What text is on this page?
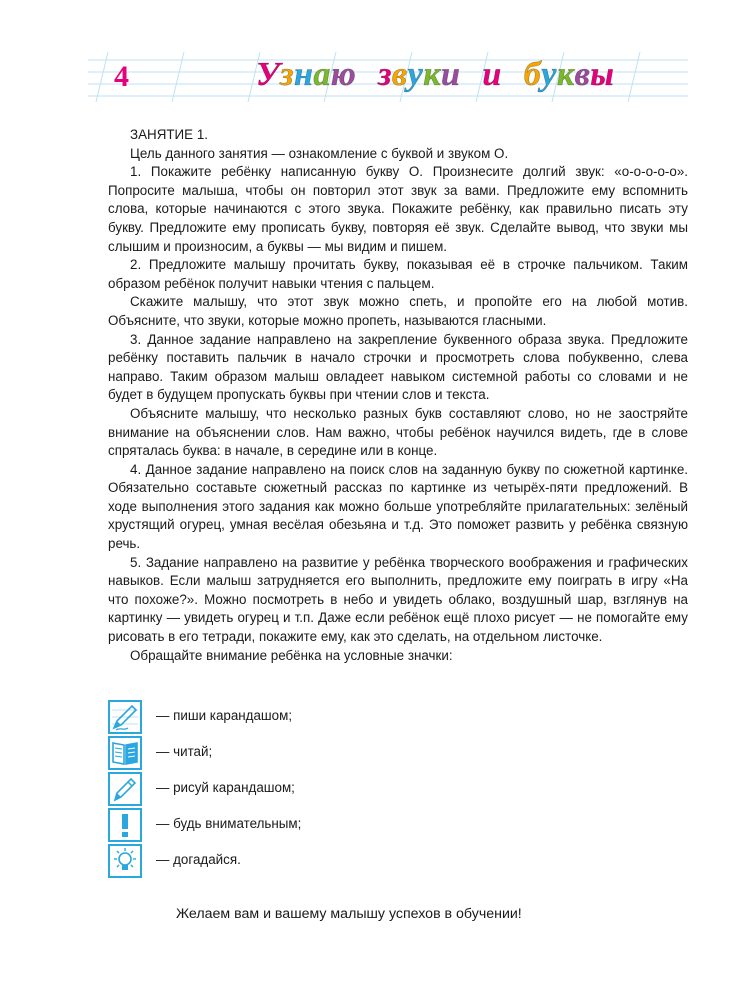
4	Узнаю звуки и буквы

ЗАНЯТИЕ 1.

Цель данного занятия — ознакомление с буквой и звуком О.

1. Покажите ребёнку написанную букву О. Произнесите долгий звук: «о-о-о-о-о». Попросите малыша, чтобы он повторил этот звук за вами. Предложите ему вспомнить слова, которые начинаются с этого звука. Покажите ребёнку, как правильно писать эту букву. Предложите ему прописать букву, повторяя её звук. Сделайте вывод, что звуки мы слышим и произносим, а буквы — мы видим и пишем.

2. Предложите малышу прочитать букву, показывая её в строчке пальчиком. Таким образом ребёнок получит навыки чтения с пальцем.

Скажите малышу, что этот звук можно спеть, и пропойте его на любой мотив. Объясните, что звуки, которые можно пропеть, называются гласными.

3. Данное задание направлено на закрепление буквенного образа звука. Предложите ребёнку поставить пальчик в начало строчки и просмотреть слова побуквенно, слева направо. Таким образом малыш овладеет навыком системной работы со словами и не будет в будущем пропускать буквы при чтении слов и текста.

Объясните малышу, что несколько разных букв составляют слово, но не заостряйте внимание на объяснении слов. Нам важно, чтобы ребёнок научился видеть, где в слове спряталась буква: в начале, в середине или в конце.

4. Данное задание направлено на поиск слов на заданную букву по сюжетной картинке. Обязательно составьте сюжетный рассказ по картинке из четырёх-пяти предложений. В ходе выполнения этого задания как можно больше употребляйте прилагательных: зелёный хрустящий огурец, умная весёлая обезьяна и т.д. Это поможет развить у ребёнка связную речь.

5. Задание направлено на развитие у ребёнка творческого воображения и графических навыков. Если малыш затрудняется его выполнить, предложите ему поиграть в игру «На что похоже?». Можно посмотреть в небо и увидеть облако, воздушный шар, взглянув на картинку — увидеть огурец и т.п. Даже если ребёнок ещё плохо рисует — не помогайте ему рисовать в его тетради, покажите ему, как это сделать, на отдельном листочке.

Обращайте внимание ребёнка на условные значки:

— пиши карандашом;
— читай;
— рисуй карандашом;
— будь внимательным;
— догадайся.
Желаем вам и вашему малышу успехов в обучении!
